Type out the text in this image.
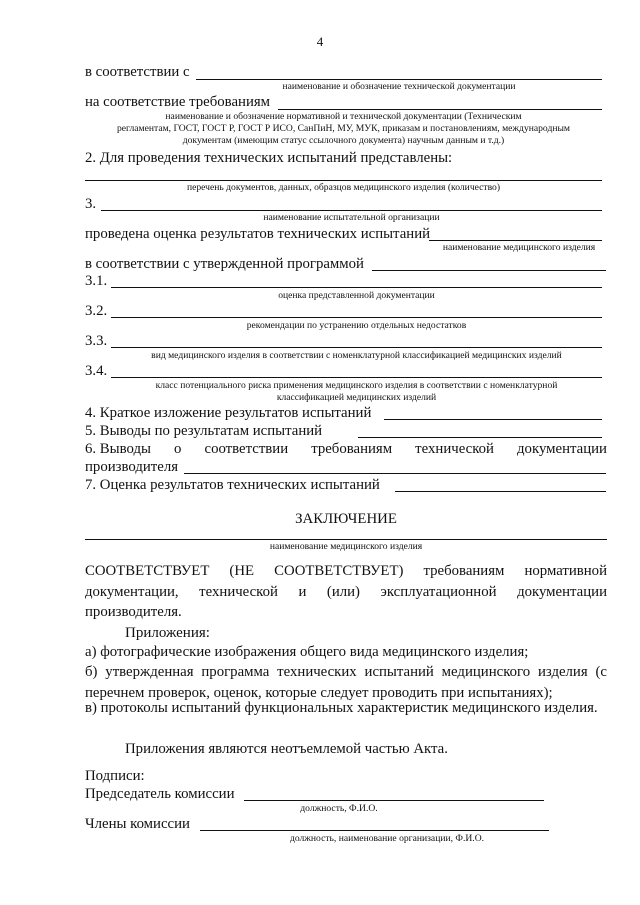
4
в соответствии с
наименование и обозначение технической документации
на соответствие требованиям
наименование и обозначение нормативной и технической документации (Техническим
регламентам, ГОСТ, ГОСТ Р, ГОСТ Р ИСО, СанПиН, МУ, МУК, приказам и постановлениям, международным
документам (имеющим статус ссылочного документа) научным данным и т.д.)
2. Для проведения технических испытаний представлены:
перечень документов, данных, образцов медицинского изделия (количество)
3.
наименование испытательной организации
проведена оценка результатов технических испытаний
наименование медицинского изделия
в соответствии с утвержденной программой
3.1.
оценка представленной документации
3.2.
рекомендации по устранению отдельных недостатков
3.3.
вид медицинского изделия в соответствии с номенклатурной классификацией медицинских изделий
3.4.
класс потенциального риска применения медицинского изделия в соответствии с номенклатурной
классификацией медицинских изделий
4. Краткое изложение результатов испытаний
5. Выводы по результатам испытаний
6. Выводы о соответствии требованиям технической документации
производителя
7. Оценка результатов технических испытаний
ЗАКЛЮЧЕНИЕ
наименование медицинского изделия
СООТВЕТСТВУЕТ (НЕ СООТВЕТСТВУЕТ) требованиям нормативной документации, технической и (или) эксплуатационной документации производителя.
Приложения:
а) фотографические изображения общего вида медицинского изделия;
б) утвержденная программа технических испытаний медицинского изделия (с перечнем проверок, оценок, которые следует проводить при испытаниях);
в) протоколы испытаний функциональных характеристик медицинского изделия.
Приложения являются неотъемлемой частью Акта.
Подписи:
Председатель комиссии
должность, Ф.И.О.
Члены комиссии
должность, наименование организации, Ф.И.О.
